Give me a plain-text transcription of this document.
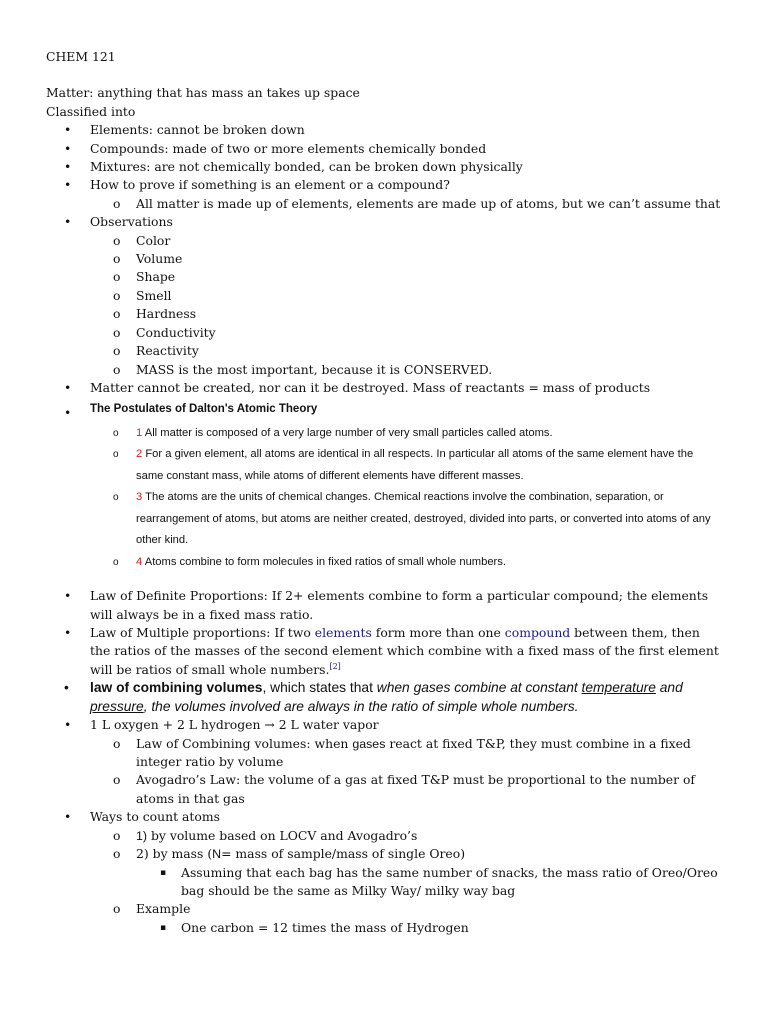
CHEM 121

Matter: anything that has mass an takes up space

Classified into

• Elements: cannot be broken down
• Compounds: made of two or more elements chemically bonded
• Mixtures: are not chemically bonded, can be broken down physically
• How to prove if something is an element or a compound?
o All matter is made up of elements, elements are made up of atoms, but we can’t assume that
• Observations
o Color
o Volume
o Shape
o Smell
o Hardness
o Conductivity
o Reactivity
o MASS is the most important, because it is CONSERVED.
• Matter cannot be created, nor can it be destroyed. Mass of reactants = mass of products
• The Postulates of Dalton's Atomic Theory

o 1 All matter is composed of a very large number of very small particles called atoms.
o 2 For a given element, all atoms are identical in all respects. In particular all atoms of the same element have the same constant mass, while atoms of different elements have different masses.
o 3 The atoms are the units of chemical changes. Chemical reactions involve the combination, separation, or rearrangement of atoms, but atoms are neither created, destroyed, divided into parts, or converted into atoms of any other kind.
o 4 Atoms combine to form molecules in fixed ratios of small whole numbers.
• Law of Definite Proportions: If 2+ elements combine to form a particular compound; the elements will always be in a fixed mass ratio.
• Law of Multiple proportions: If two elements form more than one compound between them, then the ratios of the masses of the second element which combine with a fixed mass of the first element will be ratios of small whole numbers.[2]
• law of combining volumes, which states that when gases combine at constant temperature and pressure, the volumes involved are always in the ratio of simple whole numbers.
• 1 L oxygen + 2 L hydrogen → 2 L water vapor
o Law of Combining volumes: when gases react at fixed T&P, they must combine in a fixed integer ratio by volume
o Avogadro’s Law: the volume of a gas at fixed T&P must be proportional to the number of atoms in that gas
• Ways to count atoms
o 1) by volume based on LOCV and Avogadro’s
o 2) by mass (N= mass of sample/mass of single Oreo)
▪ Assuming that each bag has the same number of snacks, the mass ratio of Oreo/Oreo bag should be the same as Milky Way/ milky way bag
o Example
▪ One carbon = 12 times the mass of Hydrogen
